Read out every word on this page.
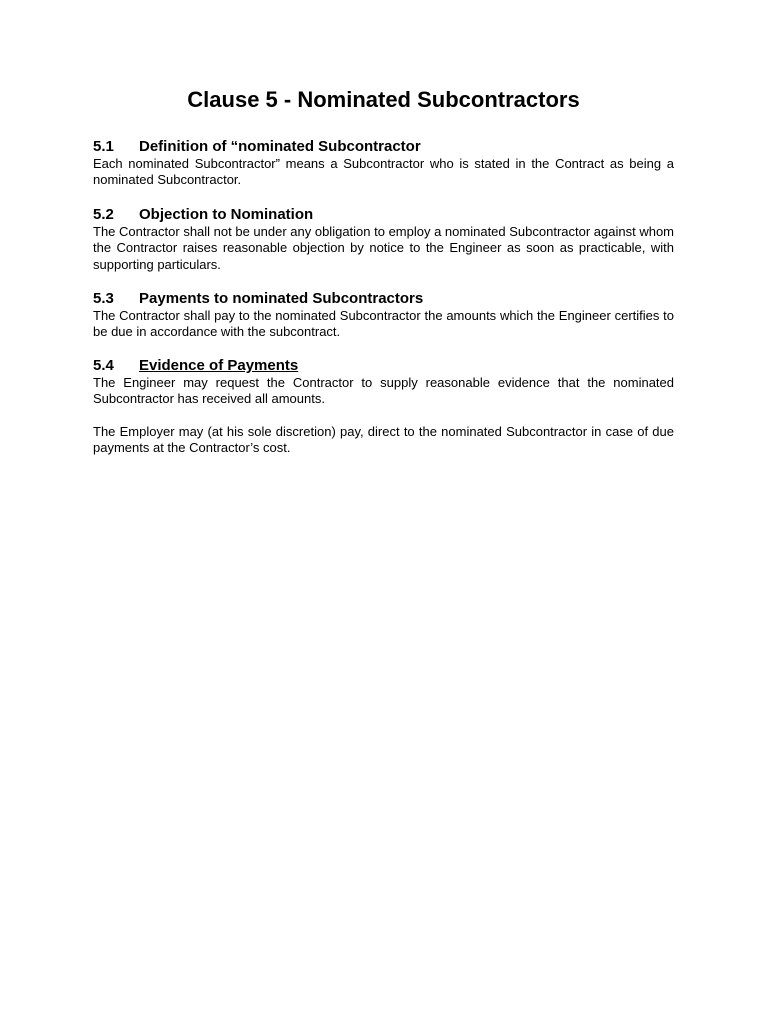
Clause 5 - Nominated Subcontractors
5.1	Definition of “nominated Subcontractor

Each nominated Subcontractor” means a Subcontractor who is stated in the Contract as being a nominated Subcontractor.

5.2	Objection to Nomination

The Contractor shall not be under any obligation to employ a nominated Subcontractor against whom the Contractor raises reasonable objection by notice to the Engineer as soon as practicable, with supporting particulars.

5.3	Payments to nominated Subcontractors

The Contractor shall pay to the nominated Subcontractor the amounts which the Engineer certifies to be due in accordance with the subcontract.

5.4	Evidence of Payments

The Engineer may request the Contractor to supply reasonable evidence that the nominated Subcontractor has received all amounts.

The Employer may (at his sole discretion) pay, direct to the nominated Subcontractor in case of due payments at the Contractor’s cost.
